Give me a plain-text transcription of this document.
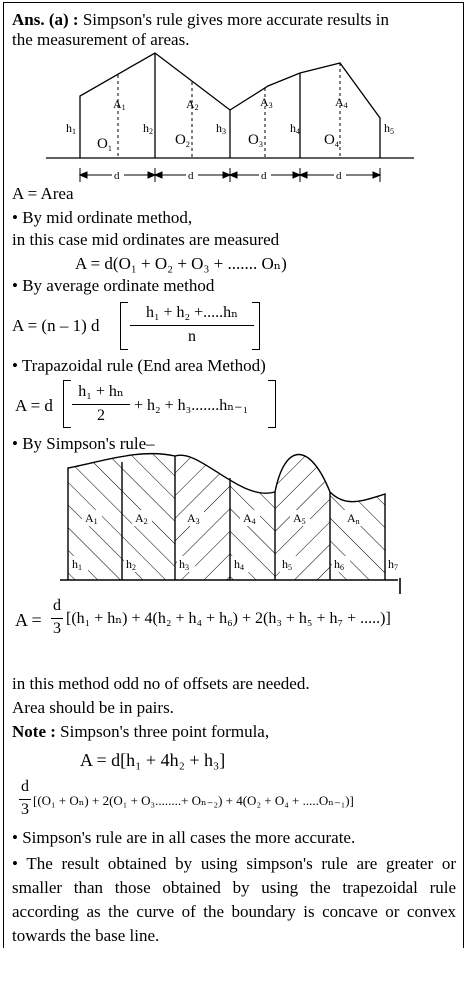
Ans. (a) : Simpson's rule gives more accurate results in
the measurement of areas.
d	d	d	d
h1	h2	h3	h4	h5
A1	A2	A3	A4
$O_1$
$O_2$	$O_3$	$O_4$
A = Area
• By mid ordinate method,
in this case mid ordinates are measured
A = d(O₁ + O₂ + O₃ + ....... Oₙ)
• By average ordinate method
A = (n – 1) d
h₁ + h₂ +.....hₙ
n
• Trapazoidal rule (End area Method)
A = d
h₁ + hₙ
2
+ h₂ + h₃.......hₙ₋₁
• By Simpson's rule–
A1	A2	A3	A4	A5	An
h1	h2	h3	h4	h5	h6	h7
A =
d
3
[(h₁ + hₙ) + 4(h₂ + h₄ + h₆) + 2(h₃ + h₅ + h₇ + .....)]
in this method odd no of offsets are needed.
Area should be in pairs.
Note : Simpson's three point formula,
A = d[h₁ + 4h₂ + h₃]
d
3
[(O₁ + Oₙ) + 2(O₁ + O₃........+ Oₙ₋₂) + 4(O₂ + O₄ + .....Oₙ₋₁)]
• Simpson's rule are in all cases the more accurate.
• The result obtained by using simpson's rule are greater or smaller than those obtained by using the trapezoidal rule according as the curve of the boundary is concave or convex towards the base line.
